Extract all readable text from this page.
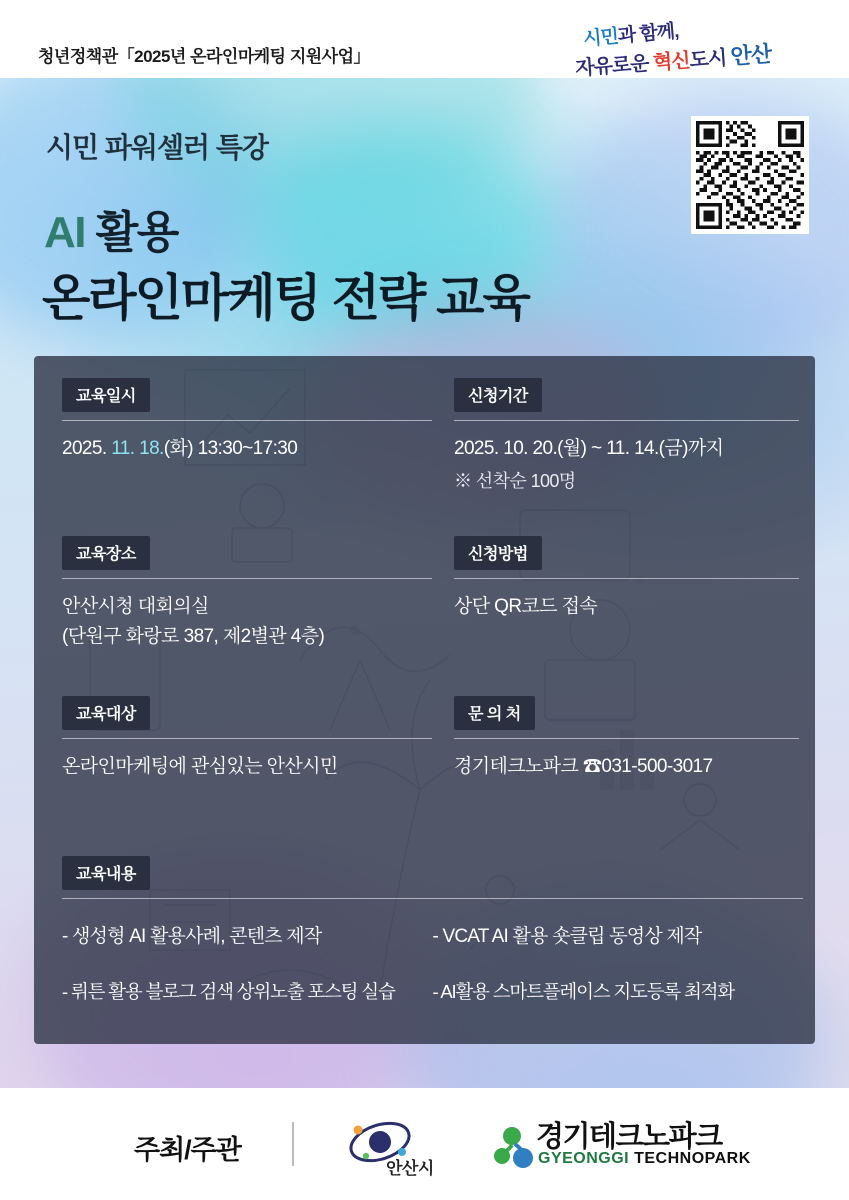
청년정책관「2025년 온라인마케팅 지원사업」
시민과 함께,
자유로운 혁신도시 안산
시민 파워셀러 특강
AI 활용
온라인마케팅 전략 교육
교육일시
2025. 11. 18.(화) 13:30~17:30
신청기간
2025. 10. 20.(월) ~ 11. 14.(금)까지
※ 선착순 100명
교육장소
안산시청 대회의실
(단원구 화랑로 387, 제2별관 4층)
신청방법
상단 QR코드 접속
교육대상
온라인마케팅에 관심있는 안산시민
문 의 처
경기테크노파크 ☎031-500-3017
교육내용
- 생성형 AI 활용사례, 콘텐츠 제작	- VCAT AI 활용 숏클립 동영상 제작
- 뤼튼 활용 블로그 검색 상위노출 포스팅 실습	- AI활용 스마트플레이스 지도등록 최적화
주최/주관
안산시
경기테크노파크
GYEONGGI TECHNOPARK
